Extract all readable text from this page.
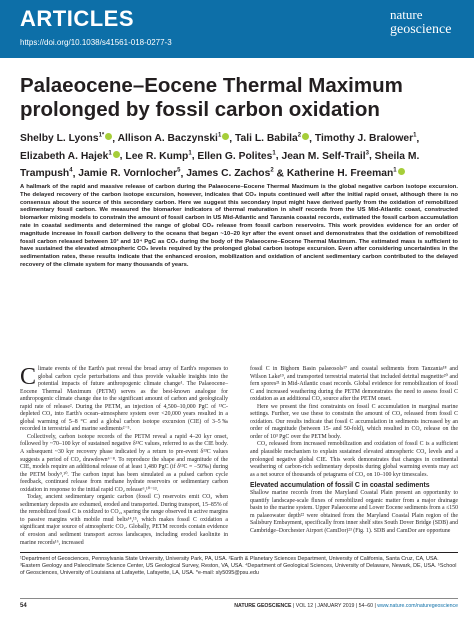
ARTICLES
https://doi.org/10.1038/s41561-018-0277-3
nature
geoscience
Palaeocene–Eocene Thermal Maximum prolonged by fossil carbon oxidation
Shelby L. Lyons$^{1*}$ , Allison A. Baczynski$^1$ , Tali L. Babila$^2$ , Timothy J. Bralower$^1$, Elizabeth A. Hajek$^1$ , Lee R. Kump$^1$, Ellen G. Polites$^1$, Jean M. Self-Trail$^3$, Sheila M. Trampush$^4$, Jamie R. Vornlocher$^5$, James C. Zachos$^2$ & Katherine H. Freeman$^1$
A hallmark of the rapid and massive release of carbon during the Palaeocene–Eocene Thermal Maximum is the global negative carbon isotope excursion. The delayed recovery of the carbon isotope excursion, however, indicates that CO₂ inputs continued well after the initial rapid onset, although there is no consensus about the source of this secondary carbon. Here we suggest this secondary input might have derived partly from the oxidation of remobilized sedimentary fossil carbon. We measured the biomarker indicators of thermal maturation in shelf records from the US Mid-Atlantic coast, constructed biomarker mixing models to constrain the amount of fossil carbon in US Mid-Atlantic and Tanzania coastal records, estimated the fossil carbon accumulation rate in coastal sediments and determined the range of global CO₂ release from fossil carbon reservoirs. This work provides evidence for an order of magnitude increase in fossil carbon delivery to the oceans that began ~10–20 kyr after the event onset and demonstrates that the oxidation of remobilized fossil carbon released between 10³ and 10⁴ PgC as CO₂ during the body of the Palaeocene–Eocene Thermal Maximum. The estimated mass is sufficient to have sustained the elevated atmospheric CO₂ levels required by the prolonged global carbon isotope excursion. Even after considering uncertainties in the sedimentation rates, these results indicate that the enhanced erosion, mobilization and oxidation of ancient sedimentary carbon contributed to the delayed recovery of the climate system for many thousands of years.

Climate events of the Earth's past reveal the broad array of Earth's responses to global carbon cycle perturbations and thus provide valuable insights into the potential impacts of future anthropogenic climate change¹. The Palaeocene–Eocene Thermal Maximum (PETM) serves as the best-known analogue for anthropogenic climate change due to the significant amount of carbon and geologically rapid rate of release². During the PETM, an injection of 4,500–10,000 PgC of ¹³C-depleted CO₂ into Earth's ocean–atmosphere system over <20,000 years resulted in a global warming of 5–8 °C and a global carbon isotope excursion (CIE) of 3–5‰ recorded in terrestrial and marine sediments²⁻⁵.

Collectively, carbon isotope records of the PETM reveal a rapid 4–20 kyr onset, followed by ~70–100 kyr of sustained negative δ¹³C values, referred to as the CIE body. A subsequent ~30 kyr recovery phase indicated by a return to pre-event δ¹³C values suggests a period of CO₂ drawdown⁶⁻⁸. To reproduce the shape and magnitude of the CIE, models require an additional release of at least 1,480 PgC (if δ¹³C = −50‰) during the PETM body⁹,¹⁰. The carbon input has been simulated as a pulsed carbon cycle feedback, continued release from methane hydrate reservoirs or sedimentary carbon oxidation in response to the initial rapid CO₂ release⁶,¹⁰⁻¹³.

Today, ancient sedimentary organic carbon (fossil C) reservoirs emit CO₂ when sedimentary deposits are exhumed, eroded and transported. During transport, 15–85% of the remobilized fossil C is oxidized to CO₂, sparing the range observed in active margins to passive margins with mobile mud belts¹⁴,¹⁵, which makes fossil C oxidation a significant major source of atmospheric CO₂. Globally, PETM records contain evidence of erosion and sediment transport across landscapes, including eroded kaolinite in marine records¹⁶, increased

fossil C in Bighorn Basin palaeosols¹⁷ and coastal sediments from Tanzania¹⁸ and Wilson Lake¹⁹, and transported terrestrial material that included detrital magnetite²⁰ and fern spores²¹ in Mid-Atlantic coast records. Global evidence for remobilization of fossil C and increased weathering during the PETM demonstrates the need to assess fossil C oxidation as an additional CO₂ source after the PETM onset.

Here we present the first constraints on fossil C accumulation in marginal marine settings. Further, we use these to constrain the amount of CO₂ released from fossil C oxidation. Our results indicate that fossil C accumulation in sediments increased by an order of magnitude (between 15- and 50-fold), which resulted in CO₂ release on the order of 10³ PgC over the PETM body.

CO₂ released from increased remobilization and oxidation of fossil C is a sufficient and plausible mechanism to explain sustained elevated atmospheric CO₂ levels and a prolonged negative global CIE. This work demonstrates that changes in continental weathering of carbon-rich sedimentary deposits during global warming events may act as a net source of thousands of petagrams of CO₂ on 10–100 kyr timescales.

Elevated accumulation of fossil C in coastal sediments

Shallow marine records from the Maryland Coastal Plain present an opportunity to quantify landscape-scale fluxes of remobilized organic matter from a major drainage basin to the marine system. Upper Palaeocene and Lower Eocene sediments from a ≤150 m palaeowater depth²² were obtained from the Maryland Coastal Plain region of the Salisbury Embayment, specifically from inner shelf sites South Dover Bridge (SDB) and Cambridge–Dorchester Airport (CamDor)²³ (Fig. 1). SDB and CamDor are opportune

¹Department of Geosciences, Pennsylvania State University, University Park, PA, USA. ²Earth & Planetary Sciences Department, University of California, Santa Cruz, CA, USA. ³Eastern Geology and Paleoclimate Science Center, US Geological Survey, Reston, VA, USA. ⁴Department of Geological Sciences, University of Delaware, Newark, DE, USA. ⁵School of Geosciences, University of Louisiana at Lafayette, Lafayette, LA, USA. *e-mail: sly5095@psu.edu
54	NATURE GEOSCIENCE | VOL 12 | JANUARY 2019 | 54–60 | www.nature.com/naturegeoscience
